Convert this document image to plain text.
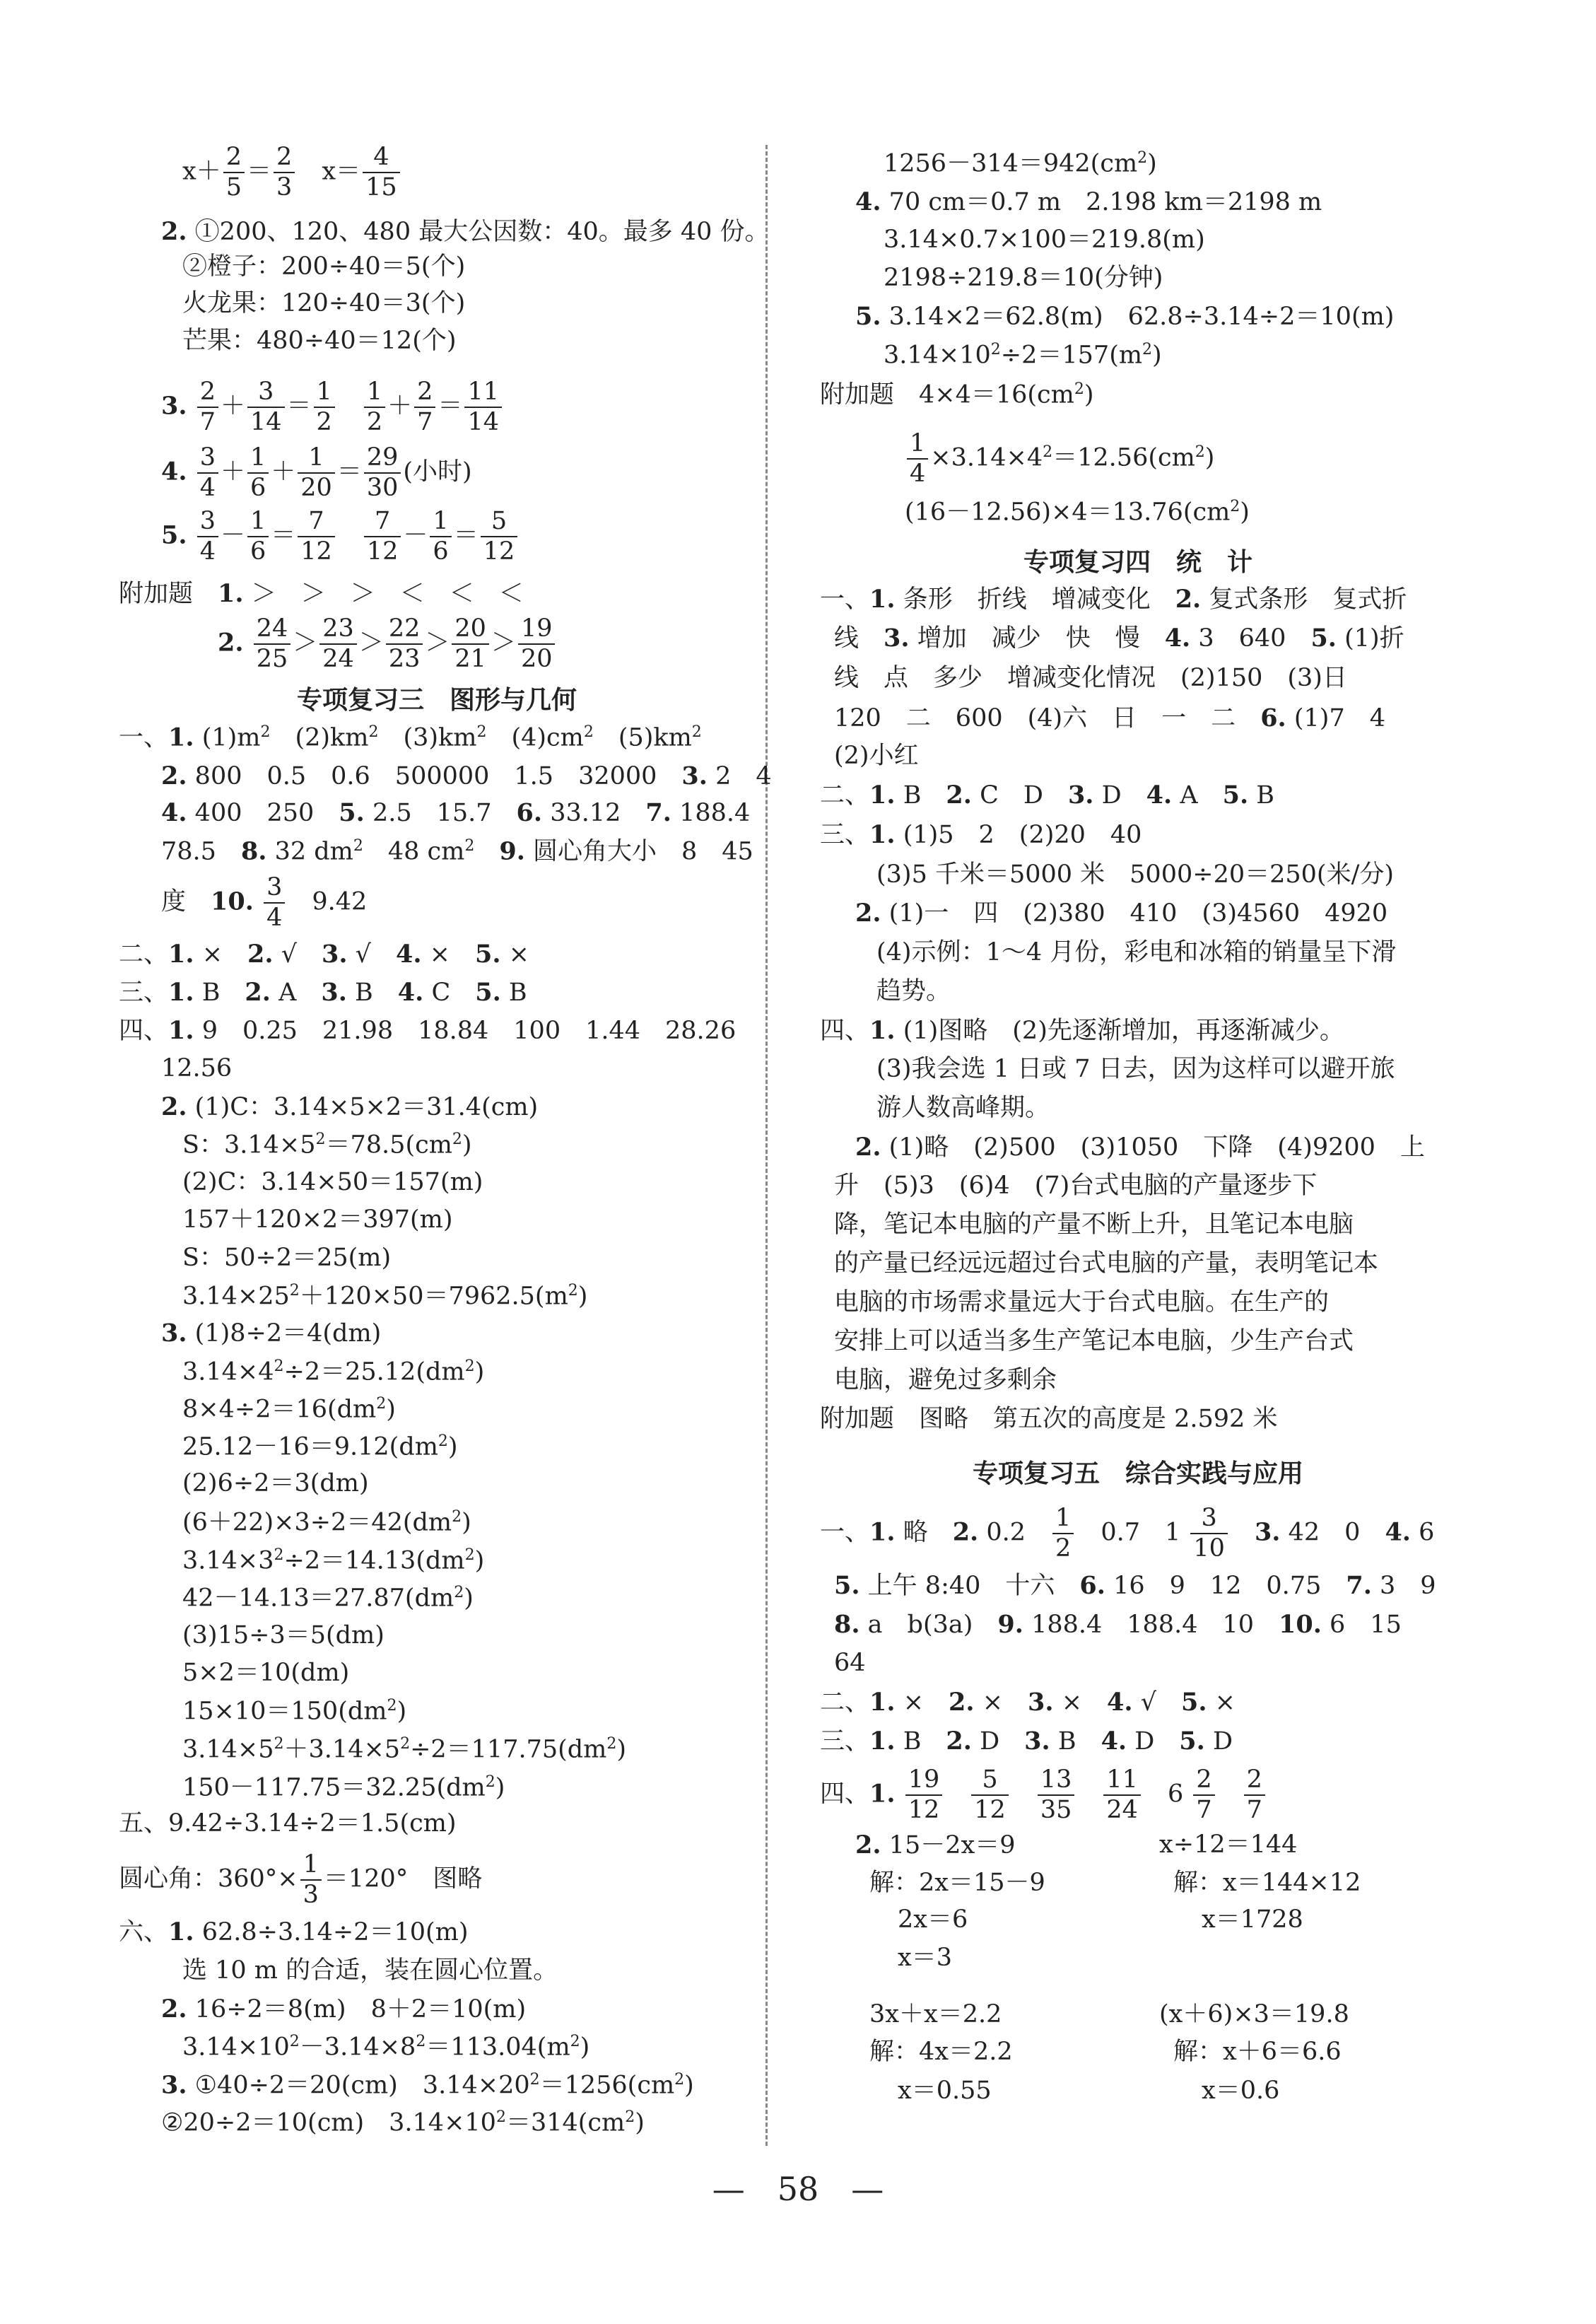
$x+ \frac{2}{5} = \frac{2}{3}$ 　$x= \frac{4}{15}$
2. ①200、120、480 最大公因数：40。最多 40 份。
②橙子：200÷40＝5(个)
火龙果：120÷40＝3(个)
芒果：480÷40＝12(个)
3. $\frac{2}{7} + \frac{3}{14} = \frac{1}{2}$
　 $\frac{1}{2} + \frac{2}{7} = \frac{11}{14}$
4. $\frac{3}{4} + \frac{1}{6} + \frac{1}{20} = \frac{29}{30}$ (小时)
5. $\frac{3}{4} - \frac{1}{6} = \frac{7}{12}$
　 $\frac{7}{12} - \frac{1}{6} = \frac{5}{12}$
附加题　1. ＞　＞　＞　＜　＜　＜
2. $\frac{24}{25} > \frac{23}{24} > \frac{22}{23} > \frac{20}{21} > \frac{19}{20}$
专项复习三　图形与几何
一、1. $(1)m^2$　$(2)km^2$　$(3)km^2$　$(4)cm^2$　$(5)km^2$
2. 800　0.5　0.6　500000　1.5　32000　3. 2　4
4. 400　250　5. 2.5　15.7　6. 33.12　7. 188.4
78.5　8. 32 $dm^2$　48 $cm^2$　 9. 圆心角大小　8　45
度　10. $\frac{3}{4}$ 　9.42
二、1. ×　2. √　3. √　4. ×　5. ×
三、1. B　2. A　3. B　4. C　5. B
四、1. 9　0.25　21.98　18.84　100　1.44　28.26
12.56
2. (1)C：3.14×5×2＝31.4(cm)
S：$3.14\times 5^2=78.5(cm^2)$
(2)C：3.14×50＝157(m)
157＋120×2＝397(m)
S：50÷2＝25(m)
$3.14\times 25^2+120\times 50=7962.5(m^2)$
3. (1)8÷2＝4(dm)
$3.14\times 4^2\div 2=25.12(dm^2)$
$8\times 4\div 2=16(dm^2)$
$25.12-16=9.12(dm^2)$
(2)6÷2＝3(dm)
$(6+22)\times 3\div 2=42(dm^2)$
$3.14\times 3^2\div 2=14.13(dm^2)$
$42-14.13=27.87(dm^2)$
(3)15÷3＝5(dm)
5×2＝10(dm)
$15\times 10=150(dm^2)$
$3.14\times 5^2+3.14\times 5^2\div 2=117.75(dm^2)$
$150-117.75=32.25(dm^2)$
五、9.42÷3.14÷2＝1.5(cm)
圆心角：$360^\circ\times \frac{1}{3} =120^\circ$　图略
六、1. 62.8÷3.14÷2＝10(m)
选 10 m 的合适，装在圆心位置。
2. 16÷2＝8(m)　8＋2＝10(m)
$3.14\times 10^2-3.14\times 8^2=113.04(m^2)$
3. ①40÷2＝20(cm)　$3.14\times 20^2=1256(cm^2)$
②20÷2＝10(cm)　$3.14\times 10^2=314(cm^2)$
$1256-314=942(cm^2)$
4. 70 cm＝0.7 m　2.198 km＝2198 m
3.14×0.7×100＝219.8(m)
2198÷219.8＝10(分钟)
5. 3.14×2＝62.8(m)　62.8÷3.14÷2＝10(m)
$3.14\times 10^2\div 2=157(m^2)$
附加题　$4\times 4=16(cm^2)$
$\frac{1}{4} \times 3.14\times 4^2=12.56(cm^2)$
$(16-12.56)\times 4=13.76(cm^2)$
专项复习四　统　计
一、1. 条形　折线　增减变化　2. 复式条形　复式折
线　3. 增加　减少　快　慢　4. 3　640　5. (1)折
线　点　多少　增减变化情况　(2)150　(3)日
120　二　600　(4)六　日　一　二　6. (1)7　4
(2)小红
二、1. B　2. C　D　3. D　4. A　5. B
三、1. (1)5　2　(2)20　40
(3)5 千米＝5000 米　5000÷20＝250(米/分)
2. (1)一　四　(2)380　410　(3)4560　4920
(4)示例：1～4 月份，彩电和冰箱的销量呈下滑
趋势。
四、1. (1)图略　(2)先逐渐增加，再逐渐减少。
(3)我会选 1 日或 7 日去，因为这样可以避开旅
游人数高峰期。
2. (1)略　(2)500　(3)1050　下降　(4)9200　上
升　(5)3　(6)4　(7)台式电脑的产量逐步下
降，笔记本电脑的产量不断上升，且笔记本电脑
的产量已经远远超过台式电脑的产量，表明笔记本
电脑的市场需求量远大于台式电脑。在生产的
安排上可以适当多生产笔记本电脑，少生产台式
电脑，避免过多剩余
附加题　图略　第五次的高度是 2.592 米
专项复习五　综合实践与应用
一、1. 略　2. 0.2　 $\frac{1}{2}$ 　0.7　$1 \frac{3}{10}$
　 3. 42　0　4. 6
5. 上午 8:40　十六　6. 16　9　12　0.75　7. 3　9
8. a　b(3a)　9. 188.4　188.4　10　10. 6　15
64
二、1. ×　2. ×　3. ×　4. √　5. ×
三、1. B　2. D　3. B　4. D　5. D
四、1. $\frac{19}{12}$
　 $\frac{5}{12}$
　 $\frac{13}{35}$
　 $\frac{11}{24}$ 　$6 \frac{2}{7}$
　 $\frac{2}{7}$
2. 15－2x＝9	x÷12＝144
解：2x＝15－9	解：x＝144×12
2x＝6	x＝1728
x＝3
3x＋x＝2.2	(x＋6)×3＝19.8
解：4x＝2.2	解：x＋6＝6.6
x＝0.55	x＝0.6
—　58　—
